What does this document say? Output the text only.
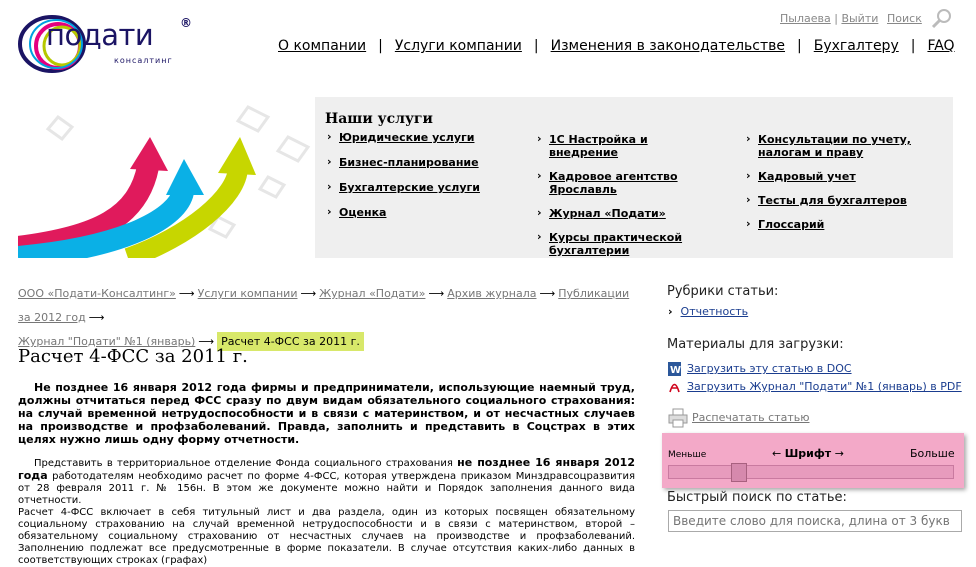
подати ®
консалтинг
Пылаева | Выйти Поиск
О компании | Услуги компании | Изменения в законодательстве | Бухгалтеру | FAQ
Наши услуги
› Юридические услуги
› Бизнес-планирование
› Бухгалтерские услуги
› Оценка
› 1С Настройка и внедрение
› Кадровое агентство Ярославль
› Журнал «Подати»
› Курсы практической бухгалтерии
› Консультации по учету, налогам и праву
› Кадровый учет
› Тесты для бухгалтеров
› Глоссарий
ООО «Подати-Консалтинг» ⟶ Услуги компании ⟶ Журнал «Подати» ⟶ Архив журнала ⟶ Публикации за 2012 год ⟶
Журнал "Подати" №1 (январь) ⟶ Расчет 4-ФСС за 2011 г.
Расчет 4-ФСС за 2011 г.
Не позднее 16 января 2012 года фирмы и предприниматели, использующие наемный труд, должны отчитаться перед ФСС сразу по двум видам обязательного социального страхования: на случай временной нетрудоспособности и в связи с материнством, и от несчастных случаев на производстве и профзаболеваний. Правда, заполнить и представить в Соцстрах в этих целях нужно лишь одну форму отчетности.

Представить в территориальное отделение Фонда социального страхования не позднее 16 января 2012 года работодателям необходимо расчет по форме 4-ФСС, которая утверждена приказом Минздравсоцразвития от 28 февраля 2011 г. № 156н. В этом же документе можно найти и Порядок заполнения данного вида отчетности.

Расчет 4-ФСС включает в себя титульный лист и два раздела, один из которых посвящен обязательному социальному страхованию на случай временной нетрудоспособности и в связи с материнством, второй – обязательному социальному страхованию от несчастных случаев на производстве и профзаболеваний. Заполнению подлежат все предусмотренные в форме показатели. В случае отсутствия каких-либо данных в соответствующих строках (графах)

Рубрики статьи:
› Отчетность
Материалы для загрузки:
W Загрузить эту статью в DOC
Загрузить Журнал "Подати" №1 (январь) в PDF
Распечатать статью
Меньше	← Шрифт →	Больше
Быстрый поиск по статье:
Введите слово для поиска, длина от 3 букв
